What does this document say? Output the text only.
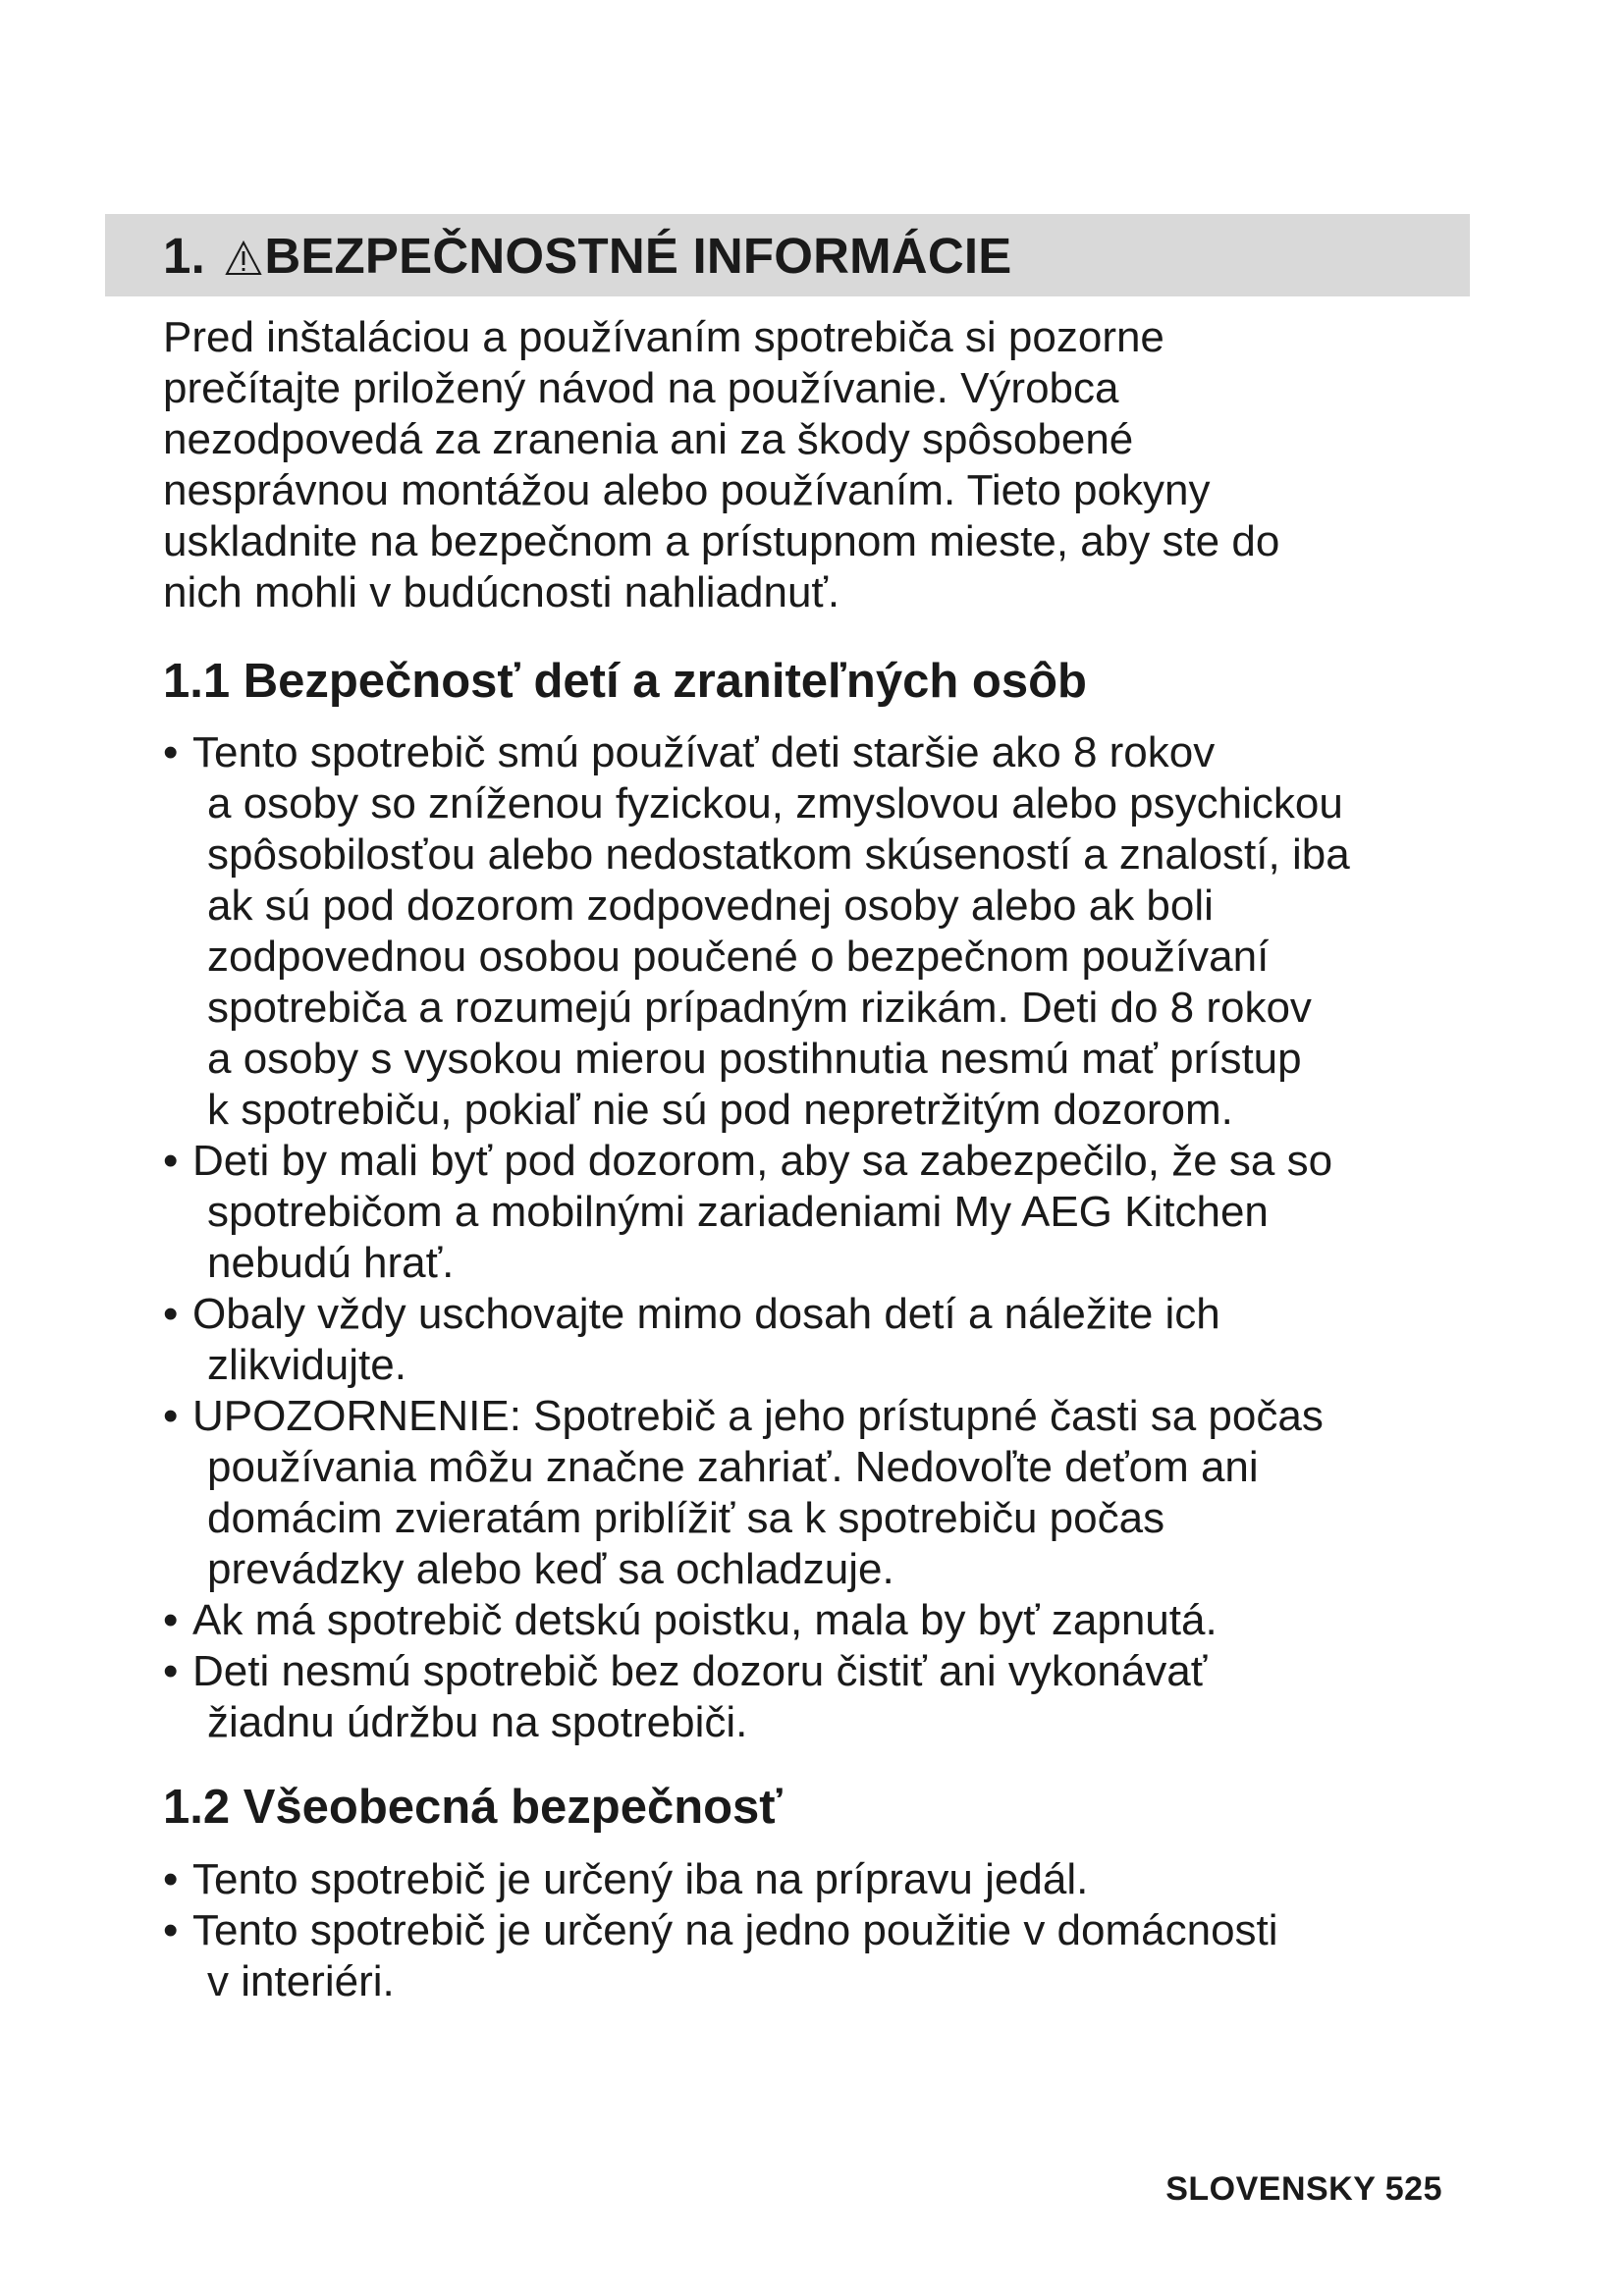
1. BEZPEČNOSTNÉ INFORMÁCIE
Pred inštaláciou a používaním spotrebiča si pozorne
prečítajte priložený návod na používanie. Výrobca
nezodpovedá za zranenia ani za škody spôsobené
nesprávnou montážou alebo používaním. Tieto pokyny
uskladnite na bezpečnom a prístupnom mieste, aby ste do
nich mohli v budúcnosti nahliadnuť.
1.1 Bezpečnosť detí a zraniteľných osôb
• Tento spotrebič smú používať deti staršie ako 8 rokov
a osoby so zníženou fyzickou, zmyslovou alebo psychickou
spôsobilosťou alebo nedostatkom skúseností a znalostí, iba
ak sú pod dozorom zodpovednej osoby alebo ak boli
zodpovednou osobou poučené o bezpečnom používaní
spotrebiča a rozumejú prípadným rizikám. Deti do 8 rokov
a osoby s vysokou mierou postihnutia nesmú mať prístup
k spotrebiču, pokiaľ nie sú pod nepretržitým dozorom.
• Deti by mali byť pod dozorom, aby sa zabezpečilo, že sa so
spotrebičom a mobilnými zariadeniami My AEG Kitchen
nebudú hrať.
• Obaly vždy uschovajte mimo dosah detí a náležite ich
zlikvidujte.
• UPOZORNENIE: Spotrebič a jeho prístupné časti sa počas
používania môžu značne zahriať. Nedovoľte deťom ani
domácim zvieratám priblížiť sa k spotrebiču počas
prevádzky alebo keď sa ochladzuje.
• Ak má spotrebič detskú poistku, mala by byť zapnutá.
• Deti nesmú spotrebič bez dozoru čistiť ani vykonávať
žiadnu údržbu na spotrebiči.
1.2 Všeobecná bezpečnosť
• Tento spotrebič je určený iba na prípravu jedál.
• Tento spotrebič je určený na jedno použitie v domácnosti
v interiéri.
SLOVENSKY 525
